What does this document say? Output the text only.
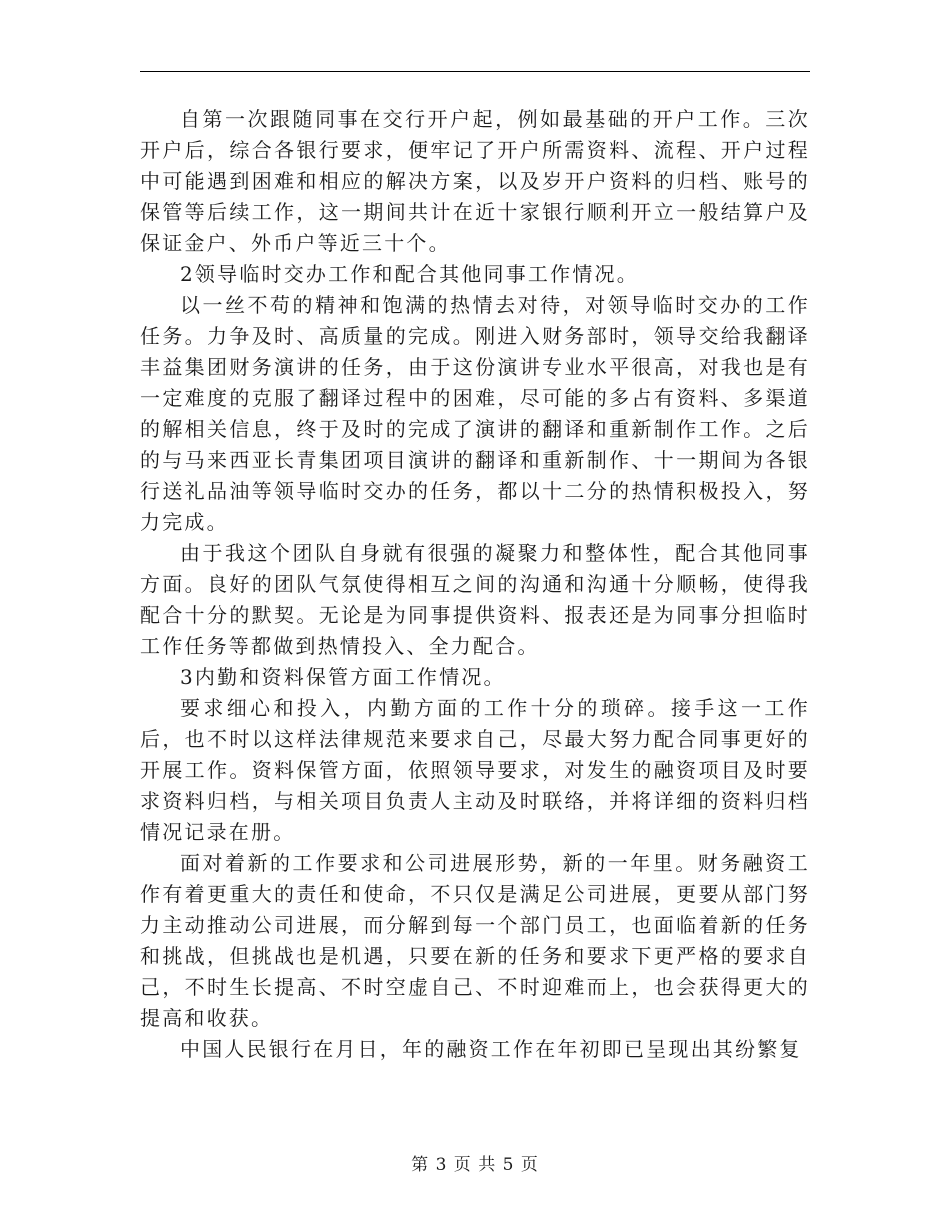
自第一次跟随同事在交行开户起，例如最基础的开户工作。三次开户后，综合各银行要求，便牢记了开户所需资料、流程、开户过程中可能遇到困难和相应的解决方案，以及岁开户资料的归档、账号的保管等后续工作，这一期间共计在近十家银行顺利开立一般结算户及保证金户、外币户等近三十个。

2领导临时交办工作和配合其他同事工作情况。

以一丝不苟的精神和饱满的热情去对待，对领导临时交办的工作任务。力争及时、高质量的完成。刚进入财务部时，领导交给我翻译丰益集团财务演讲的任务，由于这份演讲专业水平很高，对我也是有一定难度的克服了翻译过程中的困难，尽可能的多占有资料、多渠道的解相关信息，终于及时的完成了演讲的翻译和重新制作工作。之后的与马来西亚长青集团项目演讲的翻译和重新制作、十一期间为各银行送礼品油等领导临时交办的任务，都以十二分的热情积极投入，努力完成。

由于我这个团队自身就有很强的凝聚力和整体性，配合其他同事方面。良好的团队气氛使得相互之间的沟通和沟通十分顺畅，使得我配合十分的默契。无论是为同事提供资料、报表还是为同事分担临时工作任务等都做到热情投入、全力配合。

3内勤和资料保管方面工作情况。

要求细心和投入，内勤方面的工作十分的琐碎。接手这一工作后，也不时以这样法律规范来要求自己，尽最大努力配合同事更好的开展工作。资料保管方面，依照领导要求，对发生的融资项目及时要求资料归档，与相关项目负责人主动及时联络，并将详细的资料归档情况记录在册。

面对着新的工作要求和公司进展形势，新的一年里。财务融资工作有着更重大的责任和使命，不只仅是满足公司进展，更要从部门努力主动推动公司进展，而分解到每一个部门员工，也面临着新的任务和挑战，但挑战也是机遇，只要在新的任务和要求下更严格的要求自己，不时生长提高、不时空虚自己、不时迎难而上，也会获得更大的提高和收获。

中国人民银行在月日，年的融资工作在年初即已呈现出其纷繁复

第 3 页 共 5 页
